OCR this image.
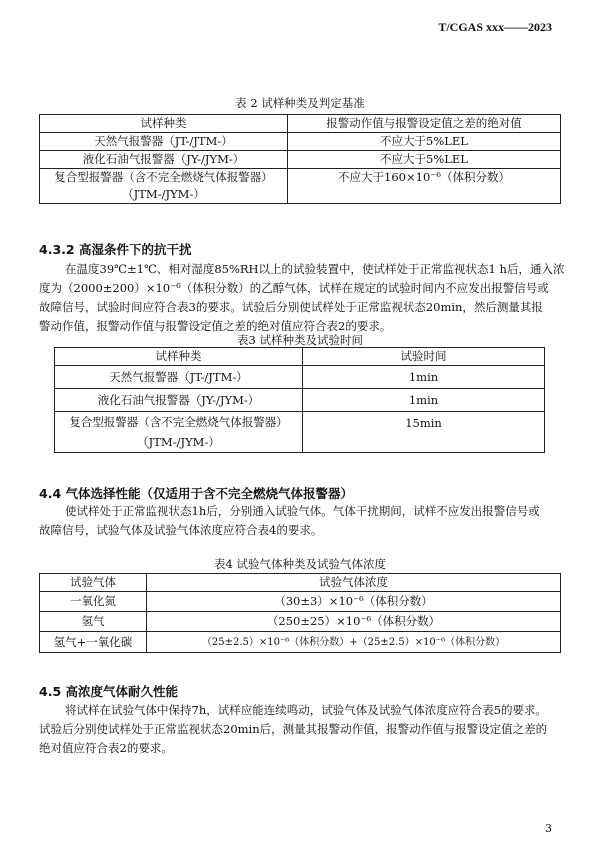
T/CGAS xxx——2023
表 2 试样种类及判定基准
试样种类	报警动作值与报警设定值之差的绝对值
天然气报警器（JT-/JTM-）	不应大于5%LEL
液化石油气报警器（JY-/JYM-）	不应大于5%LEL

复合型报警器（含不完全燃烧气体报警器）
（JTM-/JYM-）	不应大于160×10⁻⁶（体积分数）
4.3.2 高湿条件下的抗干扰
在温度39℃±1℃、相对湿度85%RH以上的试验装置中，使试样处于正常监视状态1 h后，通入浓
度为（2000±200）×10⁻⁶（体积分数）的乙醇气体，试样在规定的试验时间内不应发出报警信号或
故障信号，试验时间应符合表3的要求。试验后分别使试样处于正常监视状态20min，然后测量其报
警动作值，报警动作值与报警设定值之差的绝对值应符合表2的要求。
表3 试样种类及试验时间
试样种类	试验时间
天然气报警器（JT-/JTM-）	1min
液化石油气报警器（JY-/JYM-）	1min

复合型报警器（含不完全燃烧气体报警器）
（JTM-/JYM-）	15min
4.4 气体选择性能（仅适用于含不完全燃烧气体报警器）
使试样处于正常监视状态1h后，分别通入试验气体。气体干扰期间，试样不应发出报警信号或
故障信号，试验气体及试验气体浓度应符合表4的要求。
表4 试验气体种类及试验气体浓度
试验气体	试验气体浓度
一氧化氮	（30±3）×10⁻⁶（体积分数）
氢气	（250±25）×10⁻⁶（体积分数）
氢气+一氧化碳	（25±2.5）×10⁻⁶（体积分数）+（25±2.5）×10⁻⁶（体积分数）
4.5 高浓度气体耐久性能
将试样在试验气体中保持7h，试样应能连续鸣动，试验气体及试验气体浓度应符合表5的要求。
试验后分别使试样处于正常监视状态20min后，测量其报警动作值，报警动作值与报警设定值之差的
绝对值应符合表2的要求。
3
